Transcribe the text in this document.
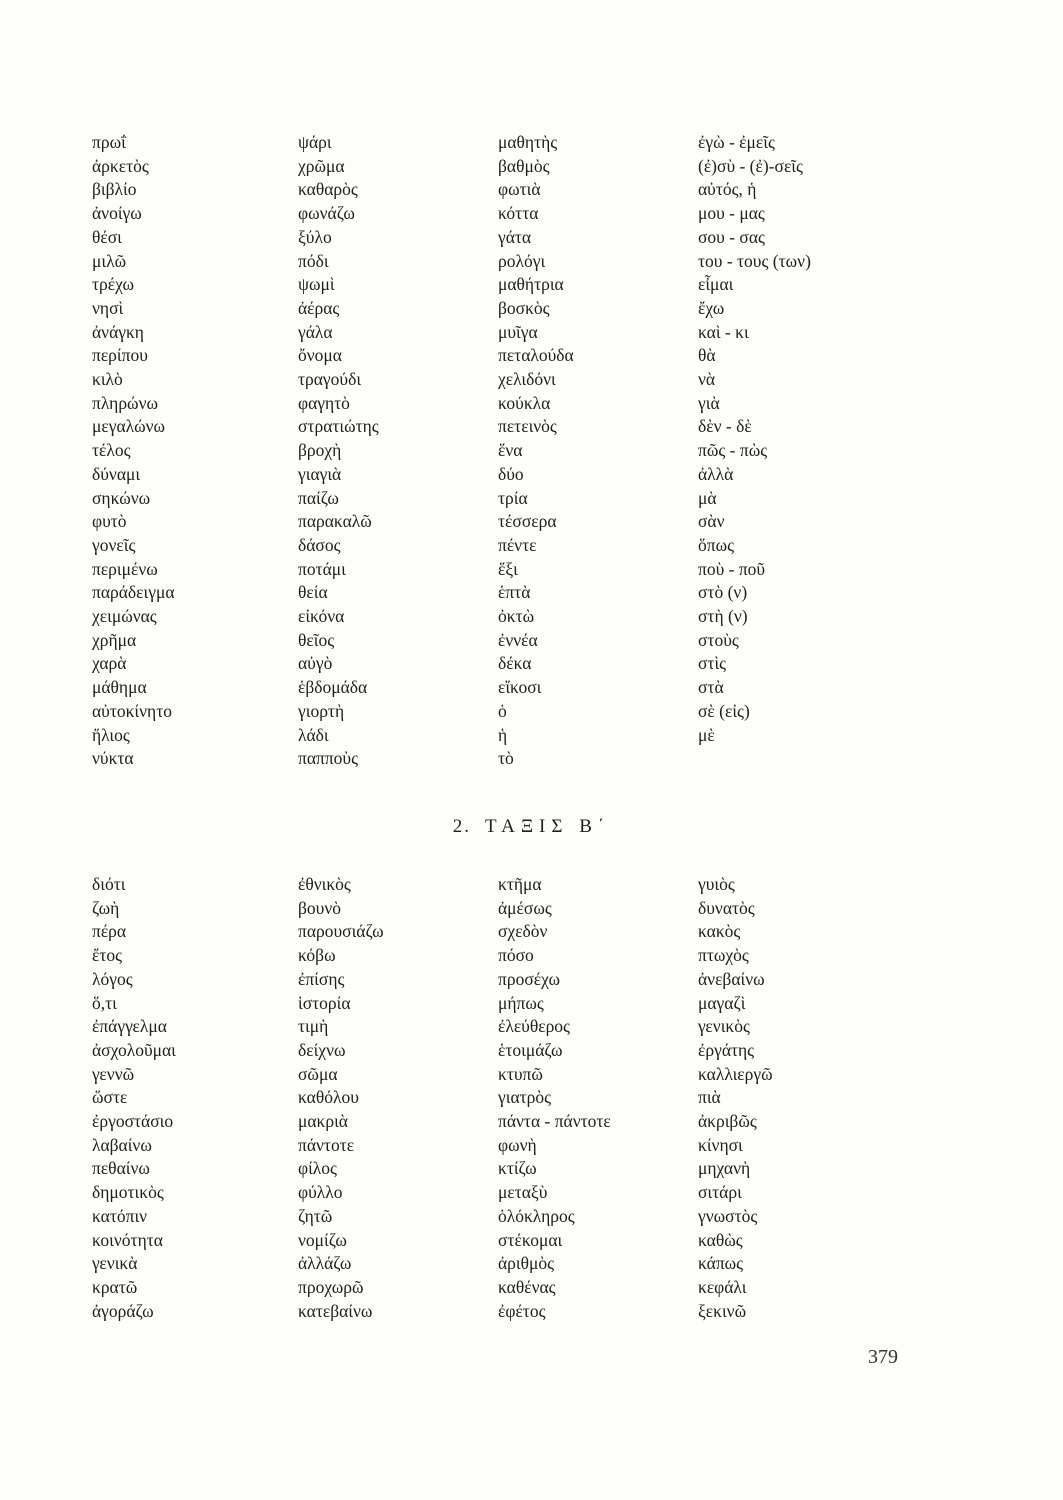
πρωΐ
ἀρκετὸς
βιβλίο
ἀνοίγω
θέσι
μιλῶ
τρέχω
νησὶ
ἀνάγκη
περίπου
κιλὸ
πληρώνω
μεγαλώνω
τέλος
δύναμι
σηκώνω
φυτὸ
γονεῖς
περιμένω
παράδειγμα
χειμώνας
χρῆμα
χαρὰ
μάθημα
αὐτοκίνητο
ἥλιος
νύκτα
ψάρι
χρῶμα
καθαρὸς
φωνάζω
ξύλο
πόδι
ψωμὶ
ἀέρας
γάλα
ὄνομα
τραγούδι
φαγητὸ
στρατιώτης
βροχὴ
γιαγιὰ
παίζω
παρακαλῶ
δάσος
ποτάμι
θεία
εἰκόνα
θεῖος
αὐγὸ
ἑβδομάδα
γιορτὴ
λάδι
παπποὺς
μαθητὴς
βαθμὸς
φωτιὰ
κόττα
γάτα
ρολόγι
μαθήτρια
βοσκὸς
μυῖγα
πεταλούδα
χελιδόνι
κούκλα
πετεινὸς
ἕνα
δύο
τρία
τέσσερα
πέντε
ἕξι
ἑπτὰ
ὀκτὼ
ἐννέα
δέκα
εἴκοσι
ὁ
ἡ
τὸ
ἐγὼ - ἐμεῖς
(ἐ)σὺ - (ἐ)-σεῖς
αὐτός, ἡ
μου - μας
σου - σας
του - τους (των)
εἶμαι
ἔχω
καὶ - κι
θὰ
νὰ
γιὰ
δὲν - δὲ
πῶς - πὼς
ἀλλὰ
μὰ
σὰν
ὅπως
ποὺ - ποῦ
στὸ (ν)
στὴ (ν)
στοὺς
στὶς
στὰ
σὲ (εἰς)
μὲ
2. ΤΑΞΙΣ Β΄
διότι
ζωὴ
πέρα
ἔτος
λόγος
ὅ,τι
ἐπάγγελμα
ἀσχολοῦμαι
γεννῶ
ὥστε
ἐργοστάσιο
λαβαίνω
πεθαίνω
δημοτικὸς
κατόπιν
κοινότητα
γενικὰ
κρατῶ
ἀγοράζω
ἐθνικὸς
βουνὸ
παρουσιάζω
κόβω
ἐπίσης
ἱστορία
τιμὴ
δείχνω
σῶμα
καθόλου
μακριὰ
πάντοτε
φίλος
φύλλο
ζητῶ
νομίζω
ἀλλάζω
προχωρῶ
κατεβαίνω
κτῆμα
ἀμέσως
σχεδὸν
πόσο
προσέχω
μήπως
ἐλεύθερος
ἑτοιμάζω
κτυπῶ
γιατρὸς
πάντα - πάντοτε
φωνὴ
κτίζω
μεταξὺ
ὁλόκληρος
στέκομαι
ἀριθμὸς
καθένας
ἐφέτος
γυιὸς
δυνατὸς
κακὸς
πτωχὸς
ἀνεβαίνω
μαγαζὶ
γενικὸς
ἐργάτης
καλλιεργῶ
πιὰ
ἀκριβῶς
κίνησι
μηχανὴ
σιτάρι
γνωστὸς
καθὼς
κάπως
κεφάλι
ξεκινῶ
379
